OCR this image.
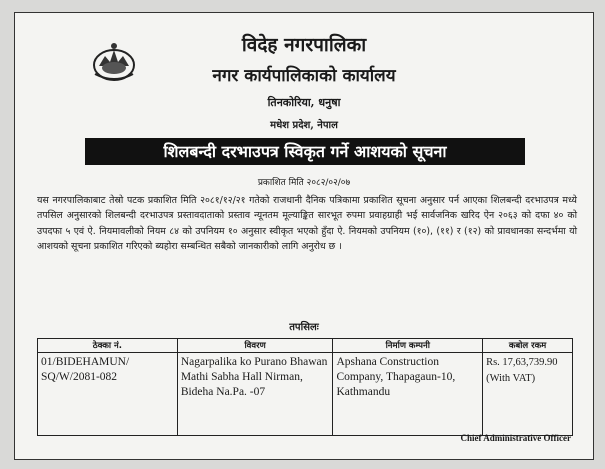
विदेह नगरपालिका
नगर कार्यपालिकाको कार्यालय
तिनकोरिया, धनुषा
मधेश प्रदेश, नेपाल
शिलबन्दी दरभाउपत्र स्विकृत गर्ने आशयको सूचना
प्रकाशित मिति २०८२/०२/०७
यस नगरपालिकाबाट तेस्रो पटक प्रकाशित मिति २०८१/१२/२१ गतेको राजधानी दैनिक पत्रिकामा प्रकाशित सूचना अनुसार पर्न आएका शिलबन्दी दरभाउपत्र मध्ये तपसिल अनुसारको शिलबन्दी दरभाउपत्र प्रस्तावदाताको प्रस्ताव न्यूनतम मूल्याङ्कित सारभूत रुपमा प्रवाहग्राही भई सार्वजनिक खरिद ऐन २०६३ को दफा ४० को उपदफा ५ एवं ऐ. नियमावलीको नियम ८४ को उपनियम १० अनुसार स्वीकृत भएको हुँदा ऐ. नियमको उपनियम (१०), (११) र (१२) को प्रावधानका सन्दर्भमा यो आशयको सूचना प्रकाशित गरिएको ब्यहोरा सम्बन्धित सबैको जानकारीको लागि अनुरोध छ ।
तपसिलः
ठेक्का नं.	विवरण	निर्माण कम्पनी	कबोल रकम
01/BIDEHAMUN/ SQ/W/2081-082	Nagarpalika ko Purano Bhawan Mathi Sabha Hall Nirman, Bideha Na.Pa. -07	Apshana Construction Company, Thapagaun-10, Kathmandu	Rs. 17,63,739.90
(With VAT)
Chief Administrative Officer
